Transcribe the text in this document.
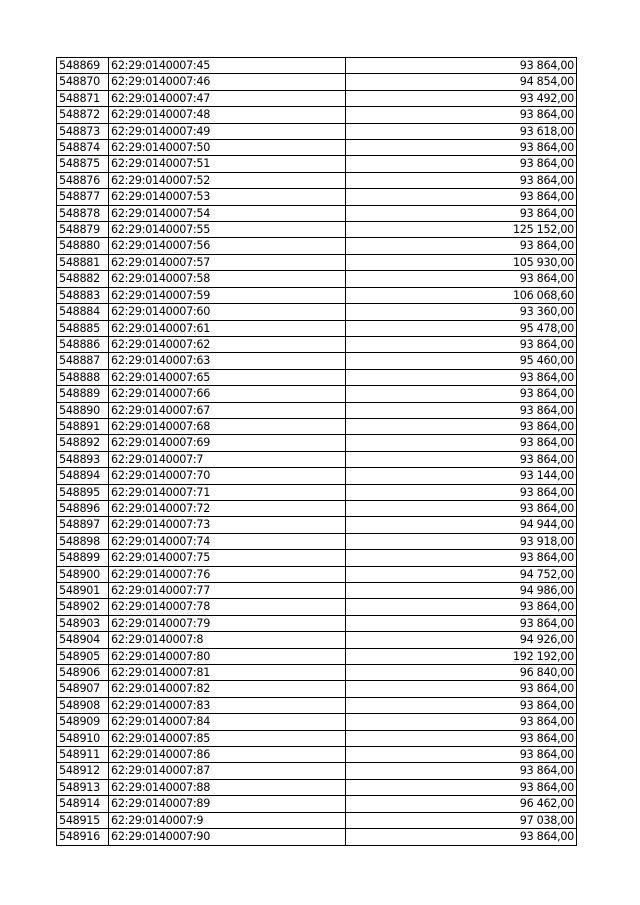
548869	62:29:0140007:45	93 864,00
548870	62:29:0140007:46	94 854,00
548871	62:29:0140007:47	93 492,00
548872	62:29:0140007:48	93 864,00
548873	62:29:0140007:49	93 618,00
548874	62:29:0140007:50	93 864,00
548875	62:29:0140007:51	93 864,00
548876	62:29:0140007:52	93 864,00
548877	62:29:0140007:53	93 864,00
548878	62:29:0140007:54	93 864,00
548879	62:29:0140007:55	125 152,00
548880	62:29:0140007:56	93 864,00
548881	62:29:0140007:57	105 930,00
548882	62:29:0140007:58	93 864,00
548883	62:29:0140007:59	106 068,60
548884	62:29:0140007:60	93 360,00
548885	62:29:0140007:61	95 478,00
548886	62:29:0140007:62	93 864,00
548887	62:29:0140007:63	95 460,00
548888	62:29:0140007:65	93 864,00
548889	62:29:0140007:66	93 864,00
548890	62:29:0140007:67	93 864,00
548891	62:29:0140007:68	93 864,00
548892	62:29:0140007:69	93 864,00
548893	62:29:0140007:7	93 864,00
548894	62:29:0140007:70	93 144,00
548895	62:29:0140007:71	93 864,00
548896	62:29:0140007:72	93 864,00
548897	62:29:0140007:73	94 944,00
548898	62:29:0140007:74	93 918,00
548899	62:29:0140007:75	93 864,00
548900	62:29:0140007:76	94 752,00
548901	62:29:0140007:77	94 986,00
548902	62:29:0140007:78	93 864,00
548903	62:29:0140007:79	93 864,00
548904	62:29:0140007:8	94 926,00
548905	62:29:0140007:80	192 192,00
548906	62:29:0140007:81	96 840,00
548907	62:29:0140007:82	93 864,00
548908	62:29:0140007:83	93 864,00
548909	62:29:0140007:84	93 864,00
548910	62:29:0140007:85	93 864,00
548911	62:29:0140007:86	93 864,00
548912	62:29:0140007:87	93 864,00
548913	62:29:0140007:88	93 864,00
548914	62:29:0140007:89	96 462,00
548915	62:29:0140007:9	97 038,00
548916	62:29:0140007:90	93 864,00
